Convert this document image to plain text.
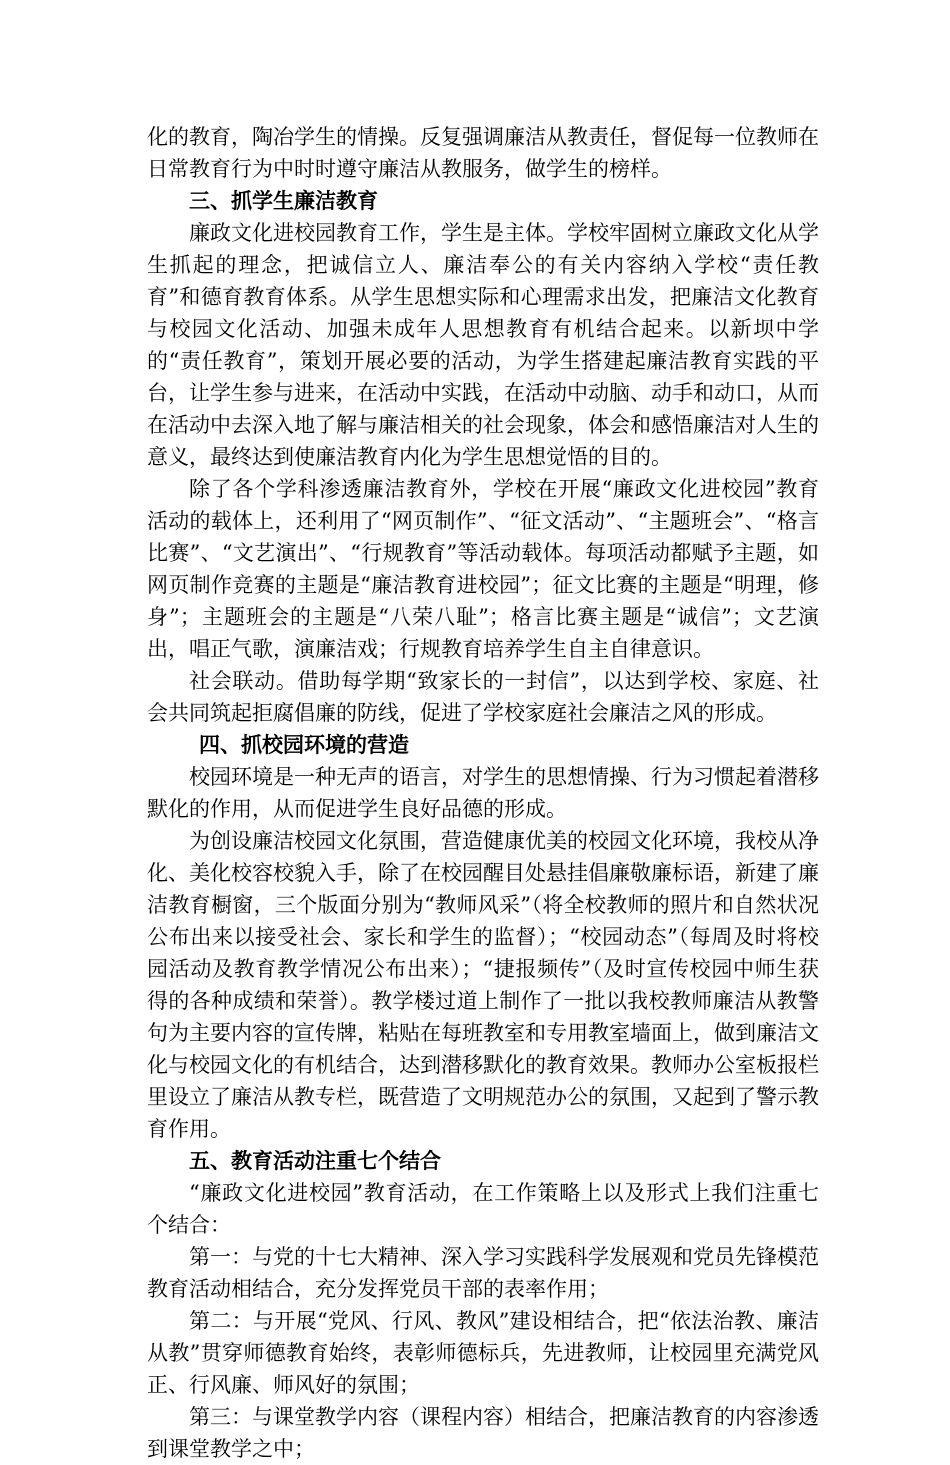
化的教育，陶冶学生的情操。反复强调廉洁从教责任，督促每一位教师在日常教育行为中时时遵守廉洁从教服务，做学生的榜样。

三、抓学生廉洁教育

廉政文化进校园教育工作，学生是主体。学校牢固树立廉政文化从学生抓起的理念，把诚信立人、廉洁奉公的有关内容纳入学校“责任教育”和德育教育体系。从学生思想实际和心理需求出发，把廉洁文化教育与校园文化活动、加强未成年人思想教育有机结合起来。以新坝中学的“责任教育”，策划开展必要的活动，为学生搭建起廉洁教育实践的平台，让学生参与进来，在活动中实践，在活动中动脑、动手和动口，从而在活动中去深入地了解与廉洁相关的社会现象，体会和感悟廉洁对人生的意义，最终达到使廉洁教育内化为学生思想觉悟的目的。

除了各个学科渗透廉洁教育外，学校在开展“廉政文化进校园”教育活动的载体上，还利用了“网页制作”、“征文活动”、“主题班会”、“格言比赛”、“文艺演出”、“行规教育”等活动载体。每项活动都赋予主题，如网页制作竞赛的主题是“廉洁教育进校园”；征文比赛的主题是“明理，修身”；主题班会的主题是“八荣八耻”；格言比赛主题是“诚信”；文艺演出，唱正气歌，演廉洁戏；行规教育培养学生自主自律意识。

社会联动。借助每学期“致家长的一封信”，以达到学校、家庭、社会共同筑起拒腐倡廉的防线，促进了学校家庭社会廉洁之风的形成。

四、抓校园环境的营造

校园环境是一种无声的语言，对学生的思想情操、行为习惯起着潜移默化的作用，从而促进学生良好品德的形成。

为创设廉洁校园文化氛围，营造健康优美的校园文化环境，我校从净化、美化校容校貌入手，除了在校园醒目处悬挂倡廉敬廉标语，新建了廉洁教育橱窗，三个版面分别为“教师风采”（将全校教师的照片和自然状况公布出来以接受社会、家长和学生的监督）；“校园动态”（每周及时将校园活动及教育教学情况公布出来）；“捷报频传”（及时宣传校园中师生获得的各种成绩和荣誉）。教学楼过道上制作了一批以我校教师廉洁从教警句为主要内容的宣传牌，粘贴在每班教室和专用教室墙面上，做到廉洁文化与校园文化的有机结合，达到潜移默化的教育效果。教师办公室板报栏里设立了廉洁从教专栏，既营造了文明规范办公的氛围，又起到了警示教育作用。

五、教育活动注重七个结合

“廉政文化进校园”教育活动，在工作策略上以及形式上我们注重七个结合：

第一：与党的十七大精神、深入学习实践科学发展观和党员先锋模范教育活动相结合，充分发挥党员干部的表率作用；

第二：与开展“党风、行风、教风”建设相结合，把“依法治教、廉洁从教”贯穿师德教育始终，表彰师德标兵，先进教师，让校园里充满党风正、行风廉、师风好的氛围；

第三：与课堂教学内容（课程内容）相结合，把廉洁教育的内容渗透到课堂教学之中；
